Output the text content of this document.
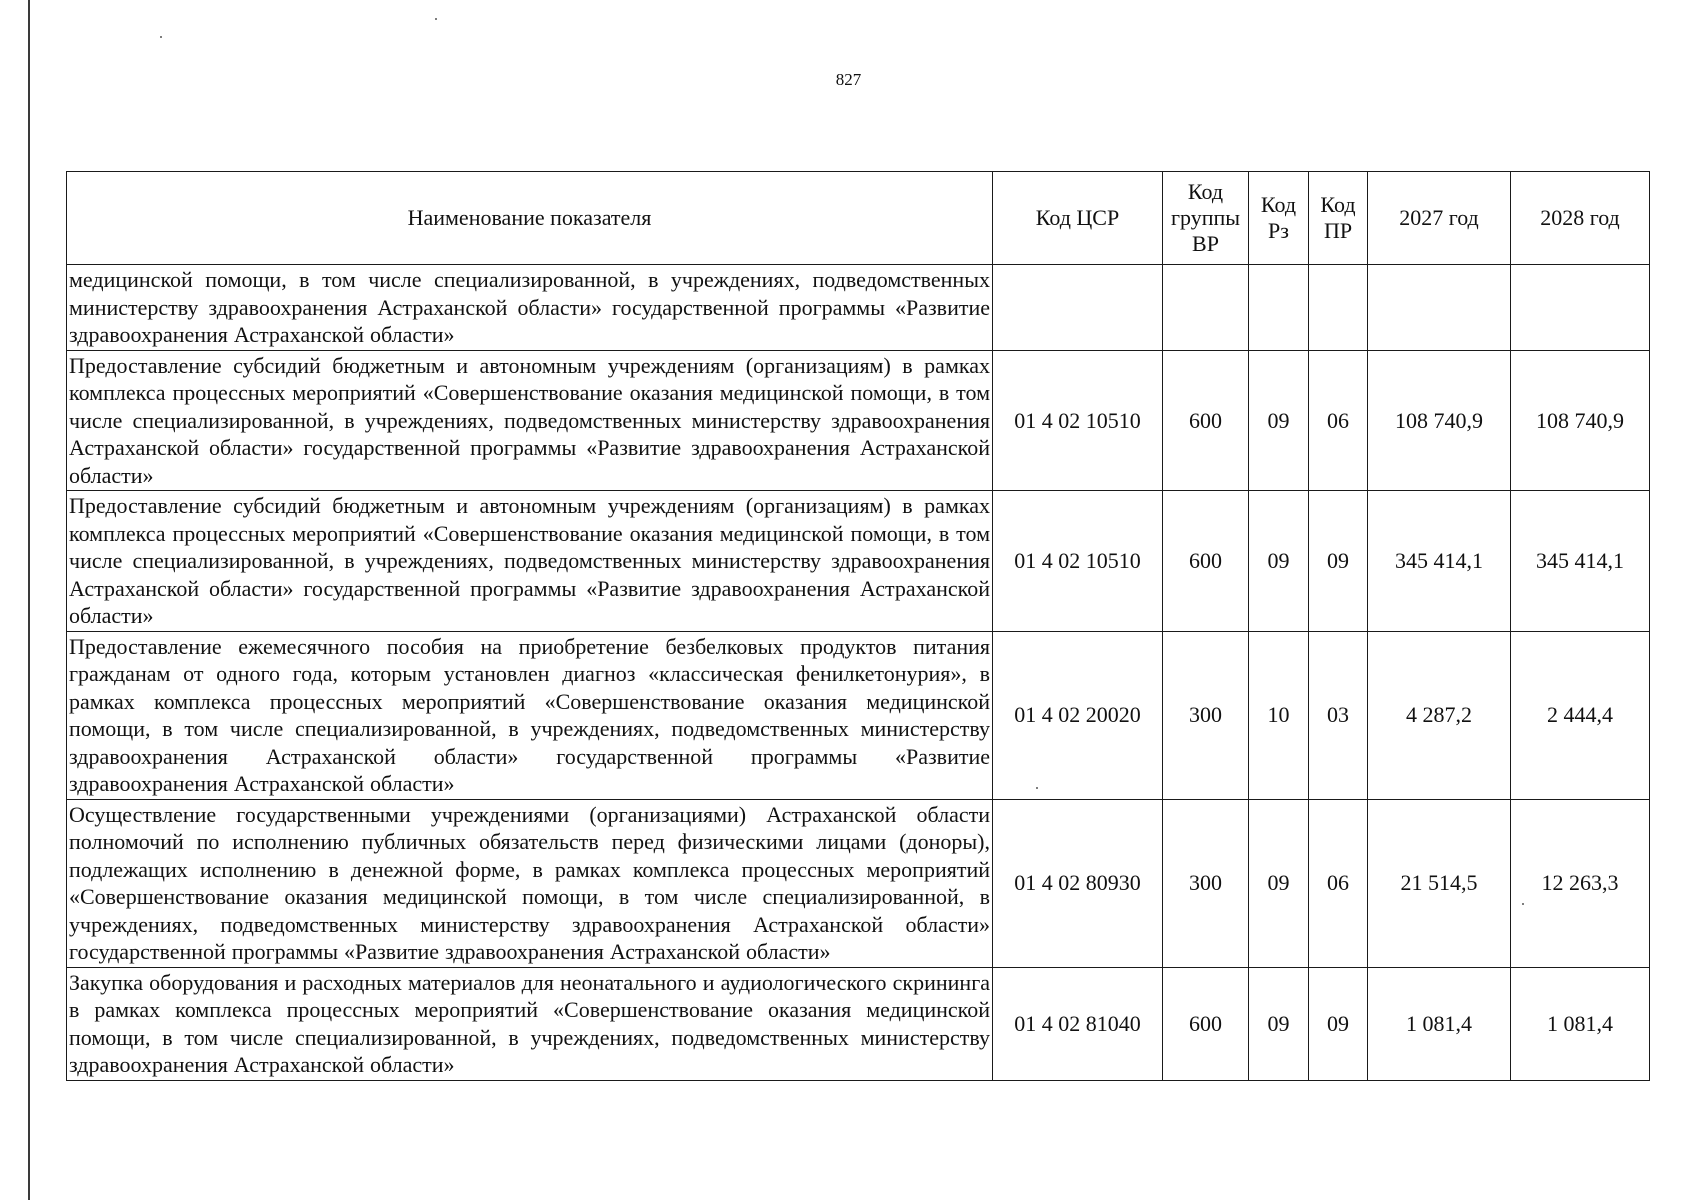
827
Наименование показателя	Код ЦСР	Код группы ВР	Код Рз	Код ПР	2027 год	2028 год
медицинской помощи, в том числе специализированной, в учреждениях, подведомственных министерству здравоохранения Астраханской области» государственной программы «Развитие здравоохранения Астраханской области»						
Предоставление субсидий бюджетным и автономным учреждениям (организациям) в рамках комплекса процессных мероприятий «Совершенствование оказания медицинской помощи, в том числе специализированной, в учреждениях, подведомственных министерству здравоохранения Астраханской области» государственной программы «Развитие здравоохранения Астраханской области»	01 4 02 10510	600	09	06	108 740,9	108 740,9
Предоставление субсидий бюджетным и автономным учреждениям (организациям) в рамках комплекса процессных мероприятий «Совершенствование оказания медицинской помощи, в том числе специализированной, в учреждениях, подведомственных министерству здравоохранения Астраханской области» государственной программы «Развитие здравоохранения Астраханской области»	01 4 02 10510	600	09	09	345 414,1	345 414,1
Предоставление ежемесячного пособия на приобретение безбелковых продуктов питания гражданам от одного года, которым установлен диагноз «классическая фенилкетонурия», в рамках комплекса процессных мероприятий «Совершенствование оказания медицинской помощи, в том числе специализированной, в учреждениях, подведомственных министерству здравоохранения Астраханской области» государственной программы «Развитие здравоохранения Астраханской области»	01 4 02 20020	300	10	03	4 287,2	2 444,4
Осуществление государственными учреждениями (организациями) Астраханской области полномочий по исполнению публичных обязательств перед физическими лицами (доноры), подлежащих исполнению в денежной форме, в рамках комплекса процессных мероприятий «Совершенствование оказания медицинской помощи, в том числе специализированной, в учреждениях, подведомственных министерству здравоохранения Астраханской области» государственной программы «Развитие здравоохранения Астраханской области»	01 4 02 80930	300	09	06	21 514,5	12 263,3
Закупка оборудования и расходных материалов для неонатального и аудиологического скрининга в рамках комплекса процессных мероприятий «Совершенствование оказания медицинской помощи, в том числе специализированной, в учреждениях, подведомственных министерству здравоохранения Астраханской области»	01 4 02 81040	600	09	09	1 081,4	1 081,4
